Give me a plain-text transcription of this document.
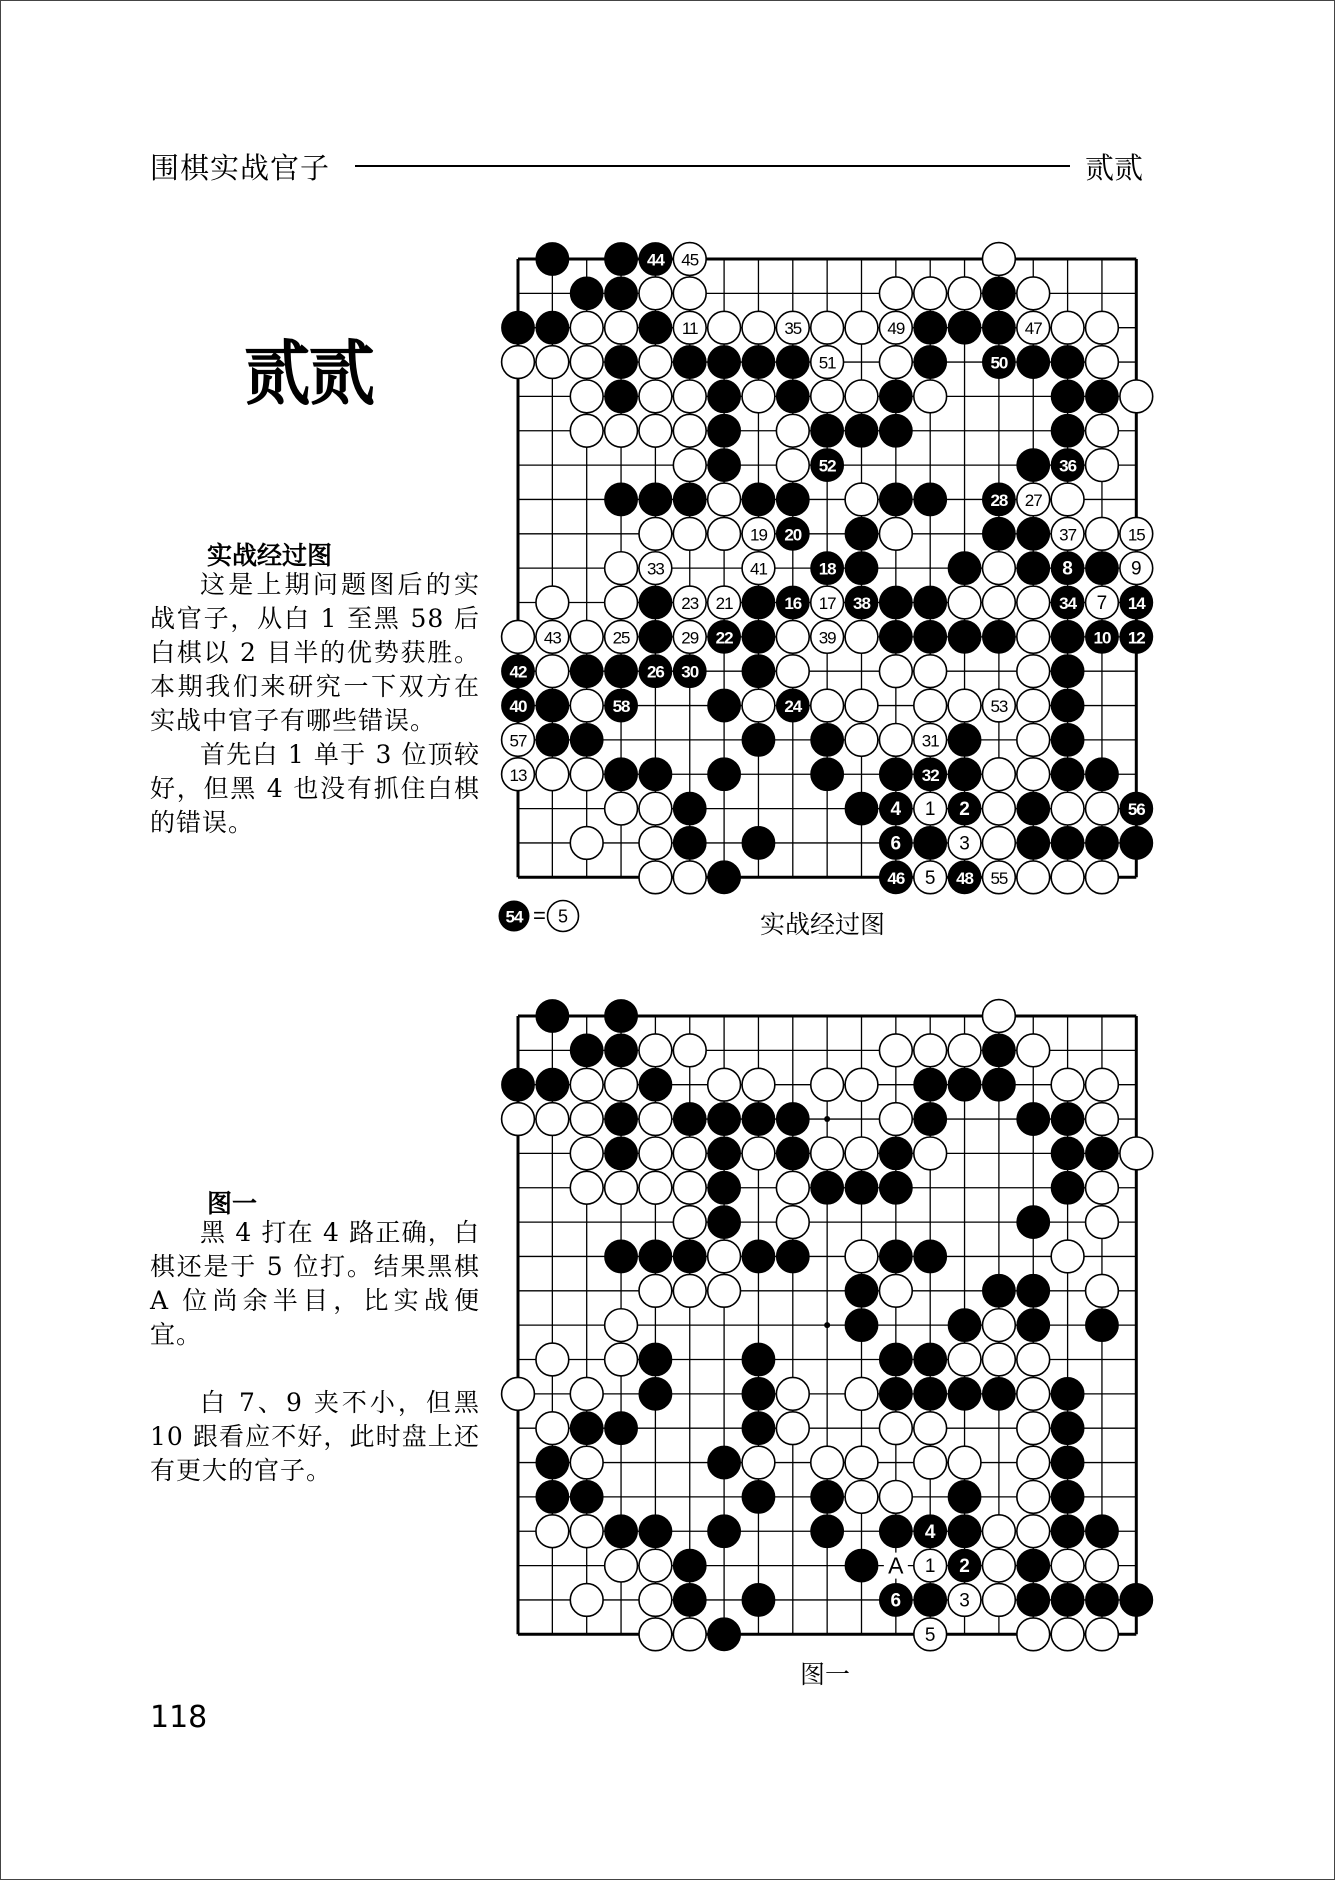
围棋实战官子	贰贰
贰贰
实战经过图

这是上期问题图后的实战官子，从白 1 至黑 58 后白棋以 2 目半的优势获胜。本期我们来研究一下双方在实战中官子有哪些错误。

首先白 1 单于 3 位顶较好，但黑 4 也没有抓住白棋的错误。

图一

黑 4 打在 4 路正确，白棋还是于 5 位打。结果黑棋 A 位尚余半目，比实战便宜。

白 7、9 夹不小，但黑 10 跟看应不好，此时盘上还有更大的官子。

44 45
11	35	49	47
51	50
52	36
28 27
19 20	37	15
33	41	18	8	9
23 21	16 17 38	34 7 14
43	25	29 22	39	10 12
42	26 30
40	58	24	53
57	31
13	32
4 1 2	56
6	3
46 5 48 55
54 = 5	实战经过图
4
1 2
6	3
5
A
图一
118
